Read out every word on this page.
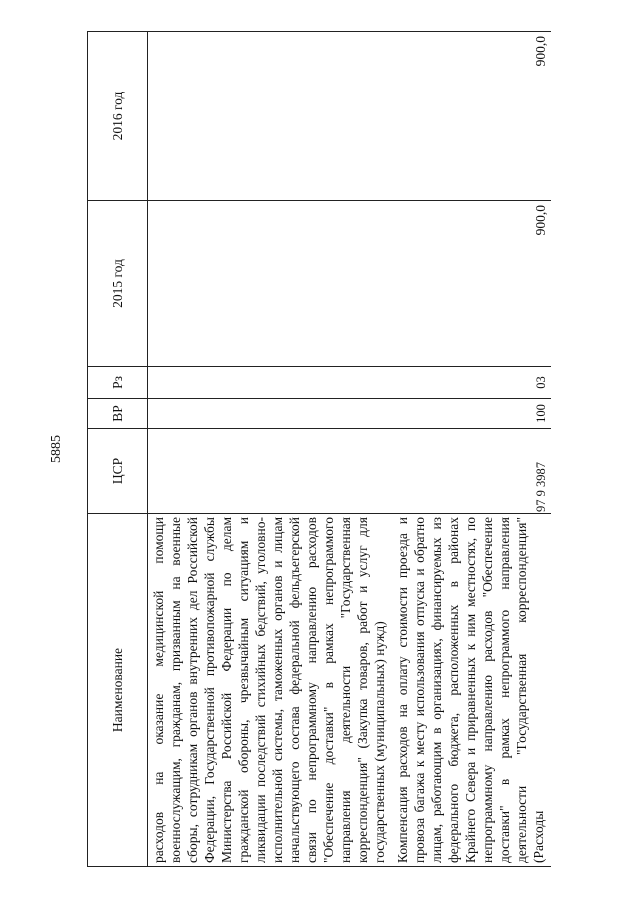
5885
Наименование	ЦСР	ВР	Рз	2015 год	2016 год
расходов на оказание медицинской помощи военнослужащим, гражданам, призванным на военные сборы, сотрудникам органов внутренних дел Российской Федерации, Государственной противопожарной службы Министерства Российской Федерации по делам гражданской обороны, чрезвычайным ситуациям и ликвидации последствий стихийных бедствий, уголовно-исполнительной системы, таможенных органов и лицам начальствующего состава федеральной фельдъегерской связи по непрограммному направлению расходов "Обеспечение доставки" в рамках непрограммого направления деятельности "Государственная корреспонденция" (Закупка товаров, работ и услуг для государственных (муниципальных) нужд)					
Компенсация расходов на оплату стоимости проезда и провоза багажа к месту использования отпуска и обратно лицам, работающим в организациях, финансируемых из федерального бюджета, расположенных в районах Крайнего Севера и приравненных к ним местностях, по непрограммному направлению расходов "Обеспечение доставки" в рамках непрограммого направления деятельности "Государственная корреспонденция" (Расходы	97 9 3987	100	03	900,0	900,0
